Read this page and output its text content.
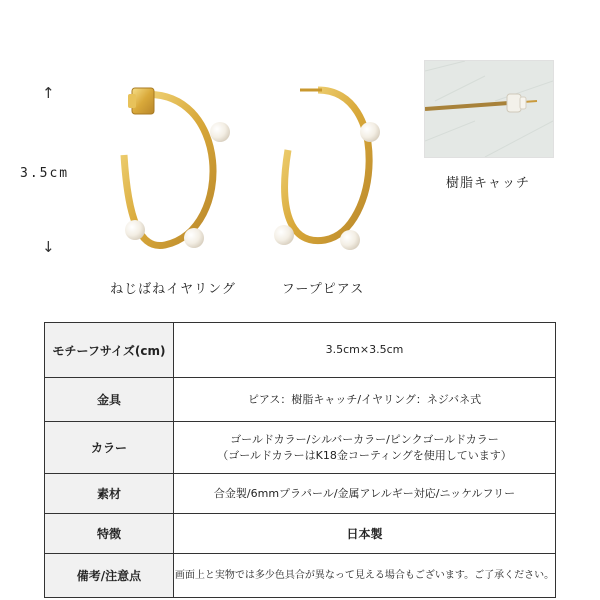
↑
3.5cm
↓
ねじばねイヤリング	フープピアス
樹脂キャッチ
モチーフサイズ(cm)	3.5cm×3.5cm

金具	ピアス：樹脂キャッチ/イヤリング：ネジバネ式

カラー	ゴールドカラー/シルバーカラー/ピンクゴールドカラー
（ゴールドカラーはK18金コーティングを使用しています）

素材	合金製/6mmプラパール/金属アレルギー対応/ニッケルフリー

特徴	日本製

備考/注意点	画面上と実物では多少色具合が異なって見える場合もございます。ご了承ください。
